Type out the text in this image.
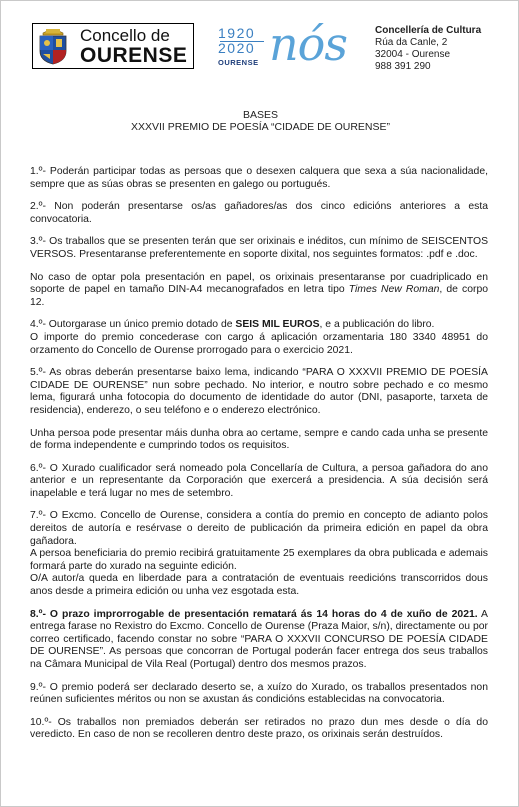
Concello de
OURENSE
1920
2020
OURENSE nós	Concellería de Cultura
Rúa da Canle, 2
32004 - Ourense
988 391 290
BASES
XXXVII PREMIO DE POESÍA “CIDADE DE OURENSE”

1.º- Poderán participar todas as persoas que o desexen calquera que sexa a súa nacionalidade, sempre que as súas obras se presenten en galego ou portugués.

2.º- Non poderán presentarse os/as gañadores/as dos cinco edicións anteriores a esta convocatoria.

3.º- Os traballos que se presenten terán que ser orixinais e inéditos, cun mínimo de SEISCENTOS VERSOS. Presentaranse preferentemente en soporte dixital, nos seguintes formatos: .pdf e .doc.

No caso de optar pola presentación en papel, os orixinais presentaranse por cuadriplicado en soporte de papel en tamaño DIN-A4 mecanografados en letra tipo Times New Roman, de corpo 12.

4.º- Outorgarase un único premio dotado de SEIS MIL EUROS, e a publicación do libro.
O importe do premio concederase con cargo á aplicación orzamentaria 180 3340 48951 do orzamento do Concello de Ourense prorrogado para o exercicio 2021.

5.º- As obras deberán presentarse baixo lema, indicando “PARA O XXXVII PREMIO DE POESÍA CIDADE DE OURENSE” nun sobre pechado. No interior, e noutro sobre pechado e co mesmo lema, figurará unha fotocopia do documento de identidade do autor (DNI, pasaporte, tarxeta de residencia), enderezo, o seu teléfono e o enderezo electrónico.

Unha persoa pode presentar máis dunha obra ao certame, sempre e cando cada unha se presente de forma independente e cumprindo todos os requisitos.

6.º- O Xurado cualificador será nomeado pola Concellaría de Cultura, a persoa gañadora do ano anterior e un representante da Corporación que exercerá a presidencia. A súa decisión será inapelable e terá lugar no mes de setembro.

7.º- O Excmo. Concello de Ourense, considera a contía do premio en concepto de adianto polos dereitos de autoría e resérvase o dereito de publicación da primeira edición en papel da obra gañadora.
A persoa beneficiaria do premio recibirá gratuitamente 25 exemplares da obra publicada e ademais formará parte do xurado na seguinte edición.
O/A autor/a queda en liberdade para a contratación de eventuais reedicións transcorridos dous anos desde a primeira edición ou unha vez esgotada esta.

8.º- O prazo improrrogable de presentación rematará ás 14 horas do 4 de xuño de 2021. A entrega farase no Rexistro do Excmo. Concello de Ourense (Praza Maior, s/n), directamente ou por correo certificado, facendo constar no sobre “PARA O XXXVII CONCURSO DE POESÍA CIDADE DE OURENSE”. As persoas que concorran de Portugal poderán facer entrega dos seus traballos na Câmara Municipal de Vila Real (Portugal) dentro dos mesmos prazos.

9.º- O premio poderá ser declarado deserto se, a xuízo do Xurado, os traballos presentados non reúnen suficientes méritos ou non se axustan ás condicións establecidas na convocatoria.

10.º- Os traballos non premiados deberán ser retirados no prazo dun mes desde o día do veredicto. En caso de non se recolleren dentro deste prazo, os orixinais serán destruídos.
